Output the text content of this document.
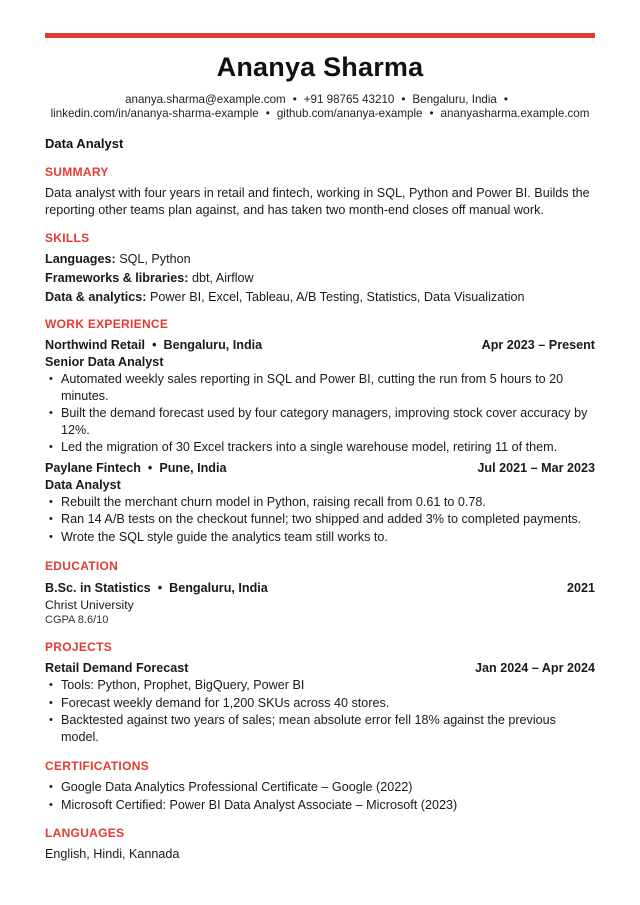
Ananya Sharma
ananya.sharma@example.com • +91 98765 43210 • Bengaluru, India •
linkedin.com/in/ananya-sharma-example • github.com/ananya-example • ananyasharma.example.com
Data Analyst
SUMMARY
Data analyst with four years in retail and fintech, working in SQL, Python and Power BI. Builds the reporting other teams plan against, and has taken two month-end closes off manual work.
SKILLS
Languages: SQL, Python
Frameworks & libraries: dbt, Airflow
Data & analytics: Power BI, Excel, Tableau, A/B Testing, Statistics, Data Visualization
WORK EXPERIENCE
Northwind Retail • Bengaluru, India	Apr 2023 – Present
Senior Data Analyst
• Automated weekly sales reporting in SQL and Power BI, cutting the run from 5 hours to 20 minutes.
• Built the demand forecast used by four category managers, improving stock cover accuracy by 12%.
• Led the migration of 30 Excel trackers into a single warehouse model, retiring 11 of them.
Paylane Fintech • Pune, India	Jul 2021 – Mar 2023
Data Analyst
• Rebuilt the merchant churn model in Python, raising recall from 0.61 to 0.78.
• Ran 14 A/B tests on the checkout funnel; two shipped and added 3% to completed payments.
• Wrote the SQL style guide the analytics team still works to.
EDUCATION
B.Sc. in Statistics • Bengaluru, India	2021
Christ University
CGPA 8.6/10
PROJECTS
Retail Demand Forecast	Jan 2024 – Apr 2024
• Tools: Python, Prophet, BigQuery, Power BI
• Forecast weekly demand for 1,200 SKUs across 40 stores.
• Backtested against two years of sales; mean absolute error fell 18% against the previous model.
CERTIFICATIONS
• Google Data Analytics Professional Certificate – Google (2022)
• Microsoft Certified: Power BI Data Analyst Associate – Microsoft (2023)
LANGUAGES
English, Hindi, Kannada
